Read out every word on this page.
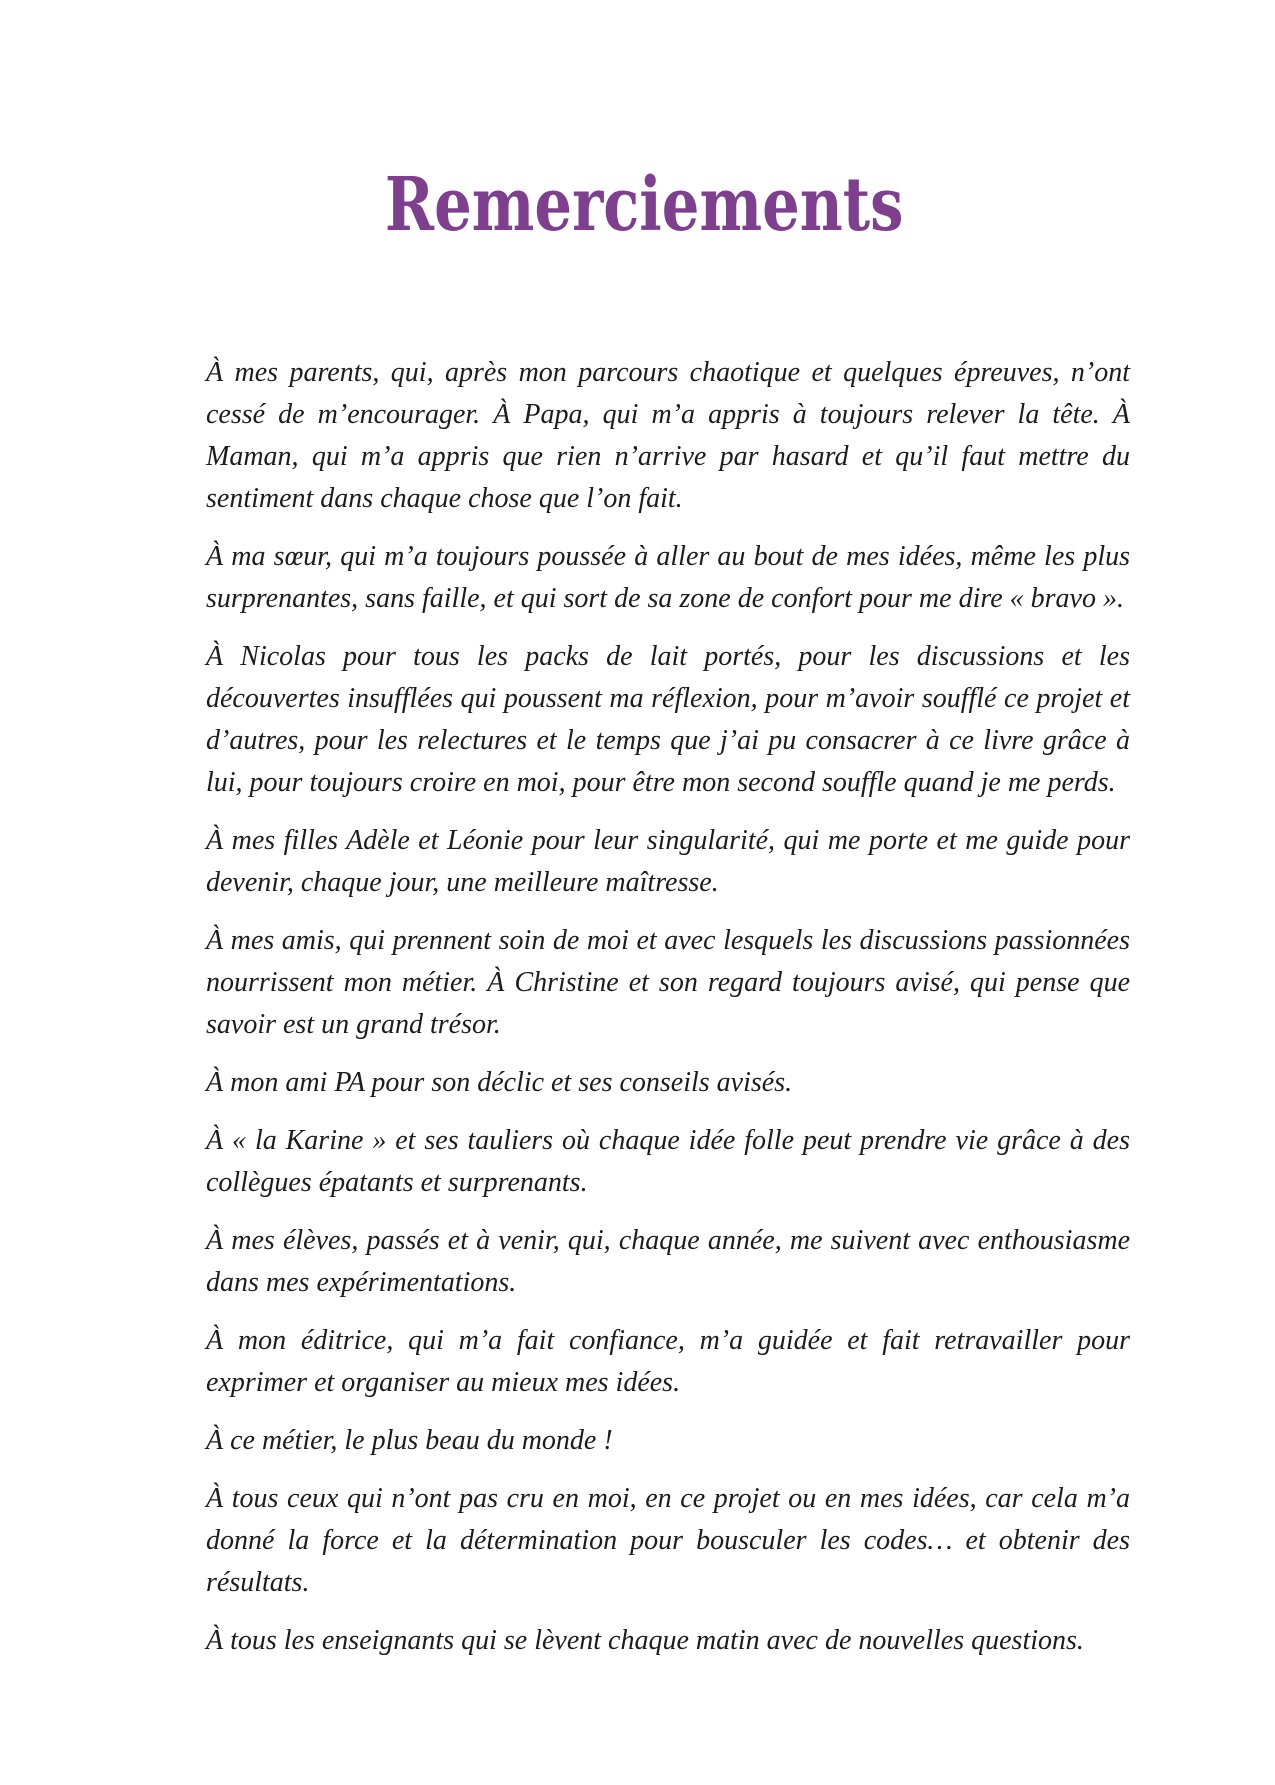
Remerciements

À mes parents, qui, après mon parcours chaotique et quelques épreuves, n’ont cessé de m’encourager. À Papa, qui m’a appris à toujours relever la tête. À Maman, qui m’a appris que rien n’arrive par hasard et qu’il faut mettre du sentiment dans chaque chose que l’on fait.

À ma sœur, qui m’a toujours poussée à aller au bout de mes idées, même les plus surprenantes, sans faille, et qui sort de sa zone de confort pour me dire « bravo ».

À Nicolas pour tous les packs de lait portés, pour les discussions et les découvertes insufflées qui poussent ma réflexion, pour m’avoir soufflé ce projet et d’autres, pour les relectures et le temps que j’ai pu consacrer à ce livre grâce à lui, pour toujours croire en moi, pour être mon second souffle quand je me perds.

À mes filles Adèle et Léonie pour leur singularité, qui me porte et me guide pour devenir, chaque jour, une meilleure maîtresse.

À mes amis, qui prennent soin de moi et avec lesquels les discussions passionnées nourrissent mon métier. À Christine et son regard toujours avisé, qui pense que savoir est un grand trésor.

À mon ami PA pour son déclic et ses conseils avisés.

À « la Karine » et ses tauliers où chaque idée folle peut prendre vie grâce à des collègues épatants et surprenants.

À mes élèves, passés et à venir, qui, chaque année, me suivent avec enthousiasme dans mes expérimentations.

À mon éditrice, qui m’a fait confiance, m’a guidée et fait retravailler pour exprimer et organiser au mieux mes idées.

À ce métier, le plus beau du monde !

À tous ceux qui n’ont pas cru en moi, en ce projet ou en mes idées, car cela m’a donné la force et la détermination pour bousculer les codes… et obtenir des résultats.

À tous les enseignants qui se lèvent chaque matin avec de nouvelles questions.
